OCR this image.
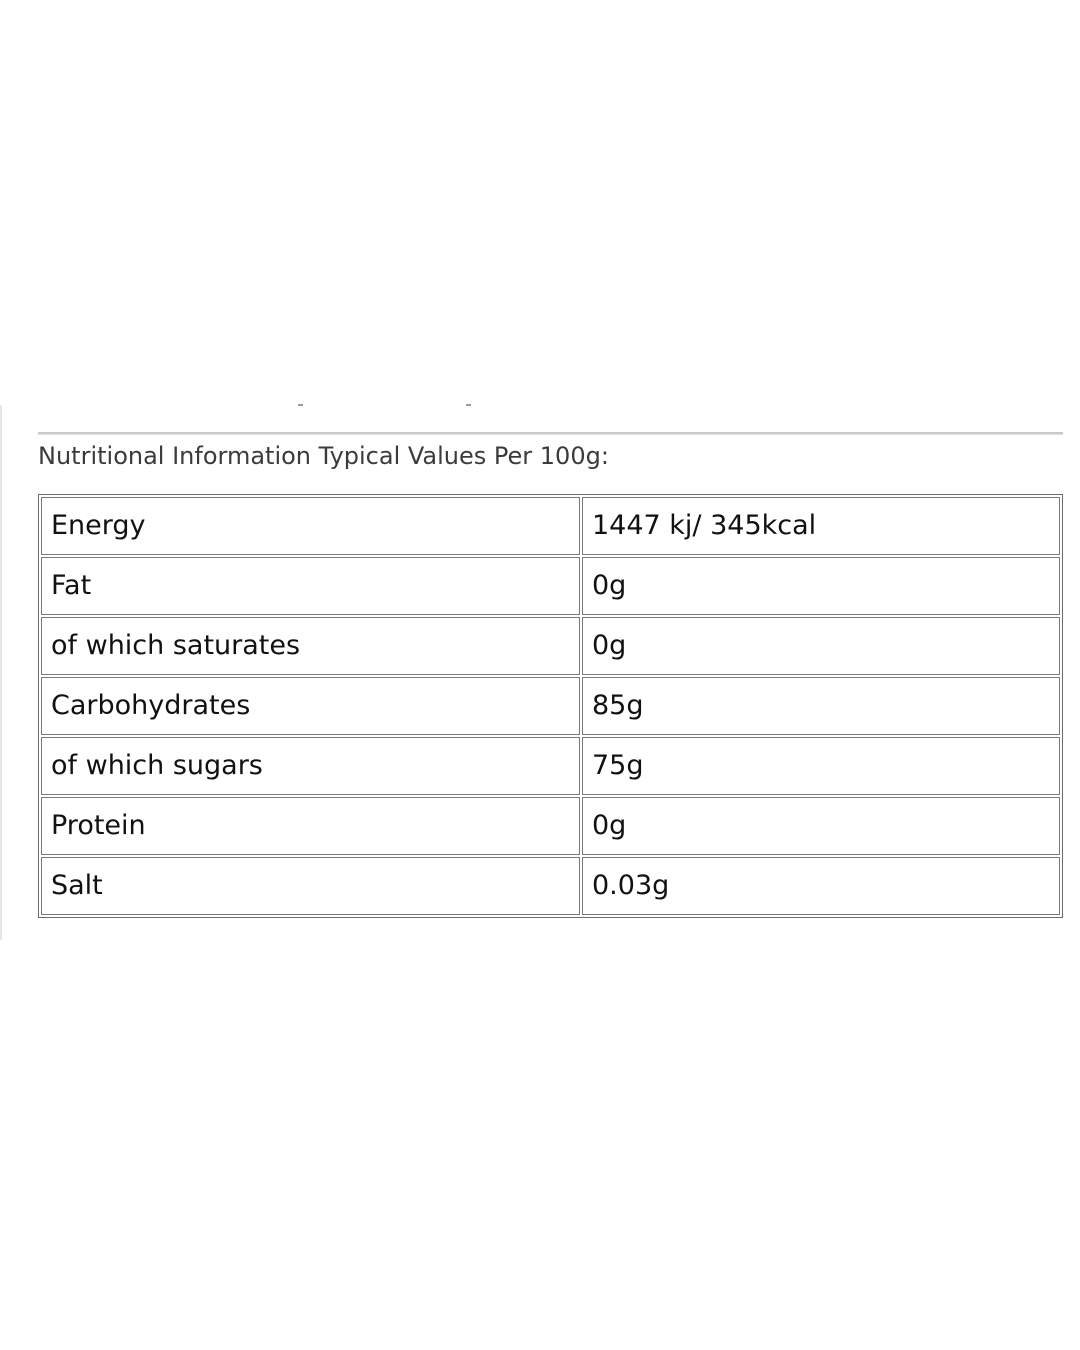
Nutritional Information Typical Values Per 100g:
Energy	1447 kj/ 345kcal
Fat	0g
of which saturates	0g
Carbohydrates	85g
of which sugars	75g
Protein	0g
Salt	0.03g
